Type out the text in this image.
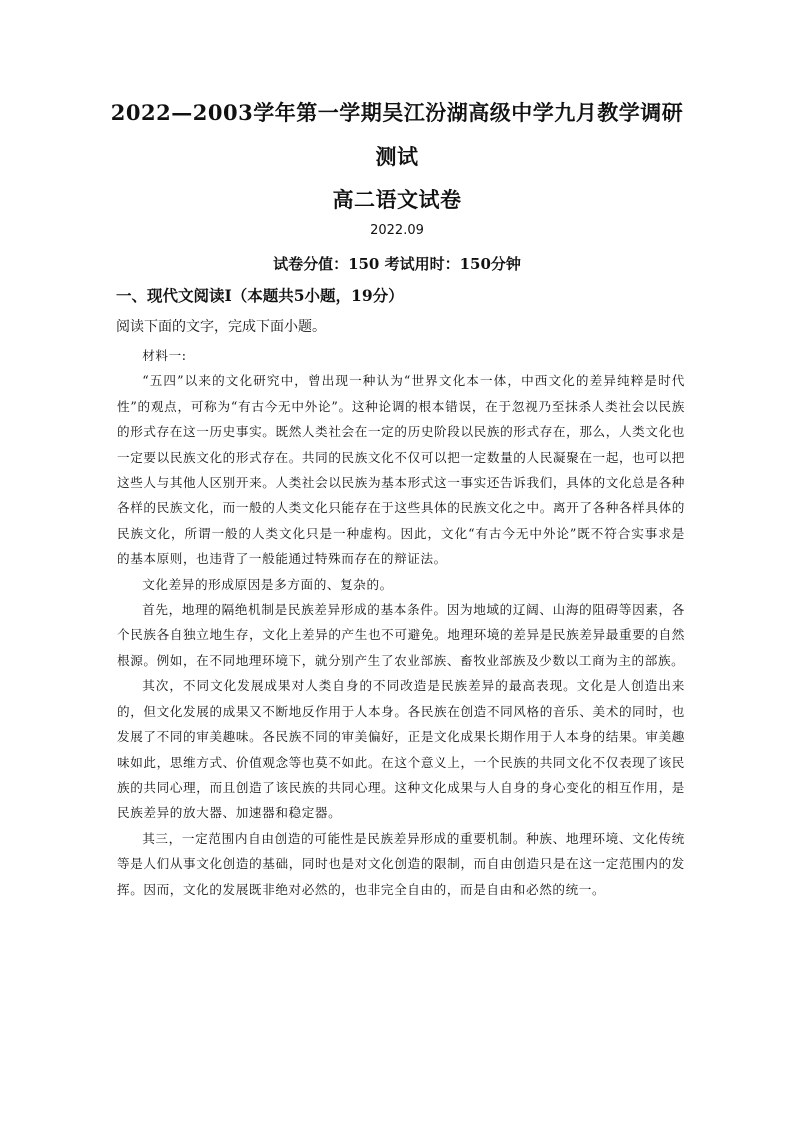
2022—2003学年第一学期吴江汾湖高级中学九月教学调研
测试
高二语文试卷
2022.09
试卷分值：150 考试用时：150分钟
一、现代文阅读Ⅰ（本题共5小题，19分）
阅读下面的文字，完成下面小题。

材料一:

“五四”以来的文化研究中，曾出现一种认为“世界文化本一体，中西文化的差异纯粹是时代性”的观点，可称为“有古今无中外论”。这种论调的根本错误，在于忽视乃至抹杀人类社会以民族的形式存在这一历史事实。既然人类社会在一定的历史阶段以民族的形式存在，那么，人类文化也一定要以民族文化的形式存在。共同的民族文化不仅可以把一定数量的人民凝聚在一起，也可以把这些人与其他人区别开来。人类社会以民族为基本形式这一事实还告诉我们，具体的文化总是各种各样的民族文化，而一般的人类文化只能存在于这些具体的民族文化之中。离开了各种各样具体的民族文化，所谓一般的人类文化只是一种虚构。因此，文化“有古今无中外论”既不符合实事求是的基本原则，也违背了一般能通过特殊而存在的辩证法。

文化差异的形成原因是多方面的、复杂的。

首先，地理的隔绝机制是民族差异形成的基本条件。因为地域的辽阔、山海的阻碍等因素，各个民族各自独立地生存，文化上差异的产生也不可避免。地理环境的差异是民族差异最重要的自然根源。例如，在不同地理环境下，就分别产生了农业部族、畜牧业部族及少数以工商为主的部族。

其次，不同文化发展成果对人类自身的不同改造是民族差异的最高表现。文化是人创造出来的，但文化发展的成果又不断地反作用于人本身。各民族在创造不同风格的音乐、美术的同时，也发展了不同的审美趣味。各民族不同的审美偏好，正是文化成果长期作用于人本身的结果。审美趣味如此，思维方式、价值观念等也莫不如此。在这个意义上，一个民族的共同文化不仅表现了该民族的共同心理，而且创造了该民族的共同心理。这种文化成果与人自身的身心变化的相互作用，是民族差异的放大器、加速器和稳定器。

其三，一定范围内自由创造的可能性是民族差异形成的重要机制。种族、地理环境、文化传统等是人们从事文化创造的基础，同时也是对文化创造的限制，而自由创造只是在这一定范围内的发挥。因而，文化的发展既非绝对必然的，也非完全自由的，而是自由和必然的统一。
